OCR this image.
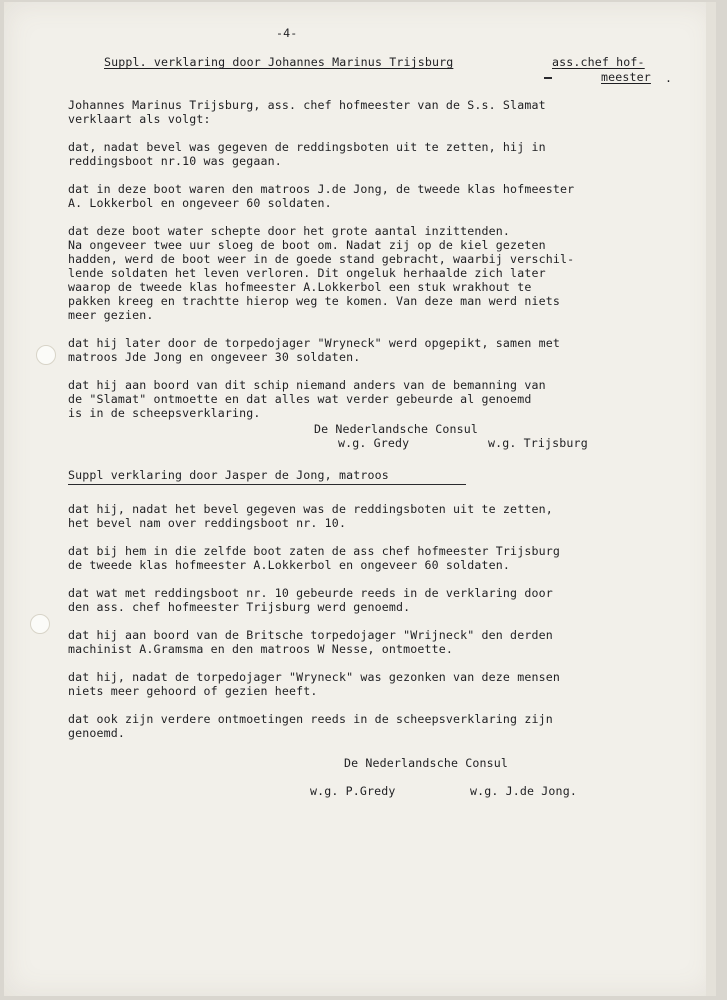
-4-

Suppl. verklaring door Johannes Marinus Trijsburg	ass.chef hof-

meester .

Johannes Marinus Trijsburg, ass. chef hofmeester van de S.s. Slamat

verklaart als volgt:

dat, nadat bevel was gegeven de reddingsboten uit te zetten, hij in

reddingsboot nr.10 was gegaan.

dat in deze boot waren den matroos J.de Jong, de tweede klas hofmeester

A. Lokkerbol en ongeveer 60 soldaten.

dat deze boot water schepte door het grote aantal inzittenden.

Na ongeveer twee uur sloeg de boot om. Nadat zij op de kiel gezeten

hadden, werd de boot weer in de goede stand gebracht, waarbij verschil-

lende soldaten het leven verloren. Dit ongeluk herhaalde zich later

waarop de tweede klas hofmeester A.Lokkerbol een stuk wrakhout te

pakken kreeg en trachtte hierop weg te komen. Van deze man werd niets

meer gezien.

dat hij later door de torpedojager "Wryneck" werd opgepikt, samen met

matroos Jde Jong en ongeveer 30 soldaten.

dat hij aan boord van dit schip niemand anders van de bemanning van

de "Slamat" ontmoette en dat alles wat verder gebeurde al genoemd

is in de scheepsverklaring.

De Nederlandsche Consul

w.g. Gredy	w.g. Trijsburg

Suppl verklaring door Jasper de Jong, matroos

dat hij, nadat het bevel gegeven was de reddingsboten uit te zetten,

het bevel nam over reddingsboot nr. 10.

dat bij hem in die zelfde boot zaten de ass chef hofmeester Trijsburg

de tweede klas hofmeester A.Lokkerbol en ongeveer 60 soldaten.

dat wat met reddingsboot nr. 10 gebeurde reeds in de verklaring door

den ass. chef hofmeester Trijsburg werd genoemd.

dat hij aan boord van de Britsche torpedojager "Wrijneck" den derden

machinist A.Gramsma en den matroos W Nesse, ontmoette.

dat hij, nadat de torpedojager "Wryneck" was gezonken van deze mensen

niets meer gehoord of gezien heeft.

dat ook zijn verdere ontmoetingen reeds in de scheepsverklaring zijn

genoemd.

De Nederlandsche Consul

w.g. P.Gredy	w.g. J.de Jong.
